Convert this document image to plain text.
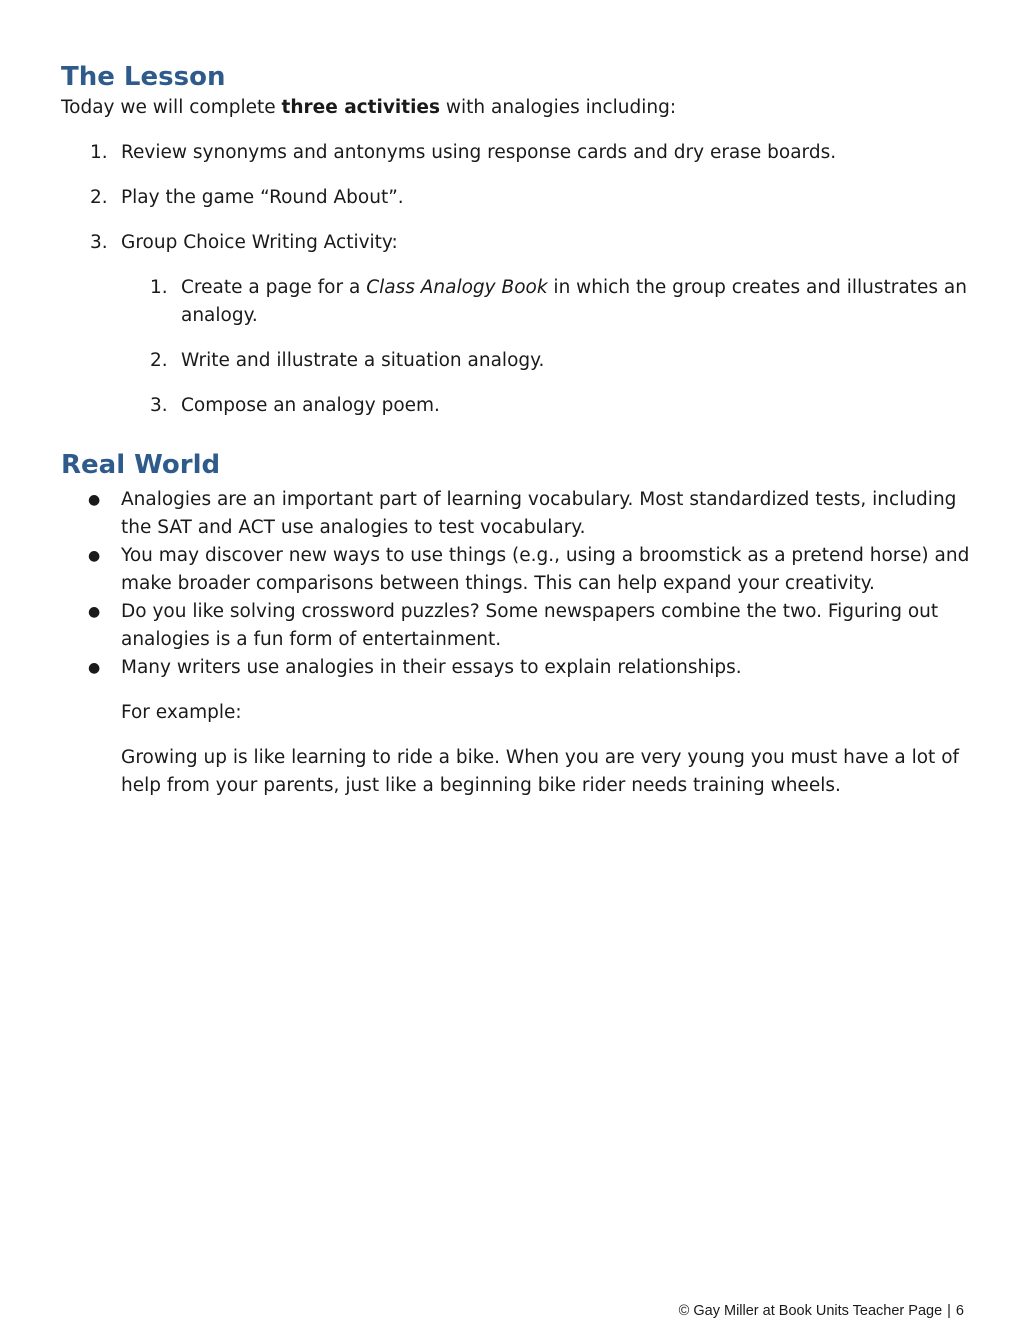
The Lesson

Today we will complete three activities with analogies including:

1. Review synonyms and antonyms using response cards and dry erase boards.
2. Play the game “Round About”.
3. Group Choice Writing Activity:
1. Create a page for a Class Analogy Book in which the group creates and illustrates an analogy.
2. Write and illustrate a situation analogy.
3. Compose an analogy poem.
Real World
● Analogies are an important part of learning vocabulary. Most standardized tests, including the SAT and ACT use analogies to test vocabulary.
● You may discover new ways to use things (e.g., using a broomstick as a pretend horse) and make broader comparisons between things. This can help expand your creativity.
● Do you like solving crossword puzzles? Some newspapers combine the two. Figuring out analogies is a fun form of entertainment.
● Many writers use analogies in their essays to explain relationships.

For example:

Growing up is like learning to ride a bike. When you are very young you must have a lot of help from your parents, just like a beginning bike rider needs training wheels.

© Gay Miller at Book Units Teacher Page | 6
